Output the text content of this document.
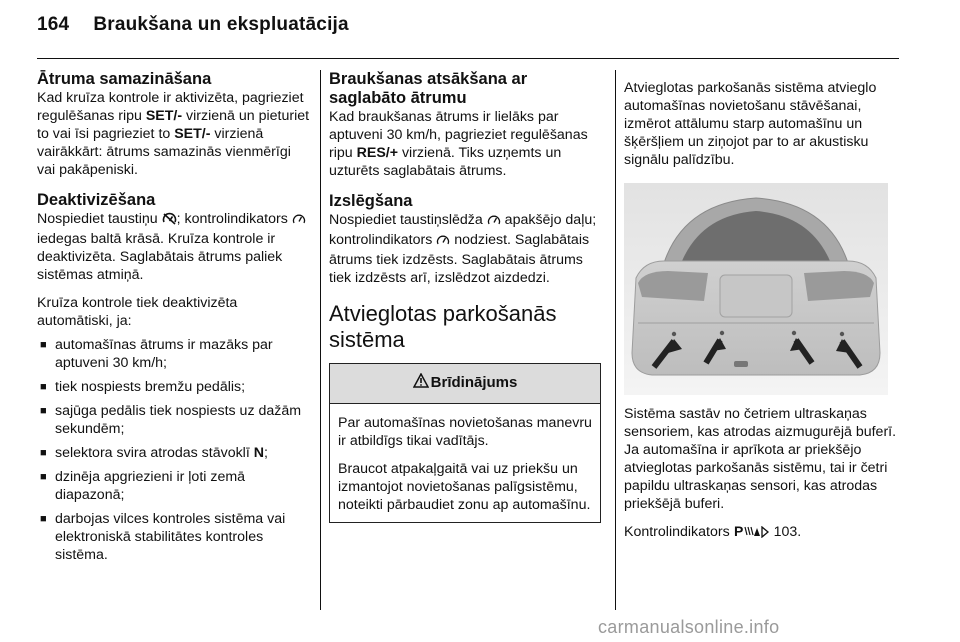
164 Braukšana un ekspluatācija
Ātruma samazināšana

Kad kruīza kontrole ir aktivizēta, pagrieziet regulēšanas ripu SET/- virzienā un pieturiet to vai īsi pagrieziet to SET/- virzienā vairākkārt: ātrums samazinās vienmērīgi vai pakāpeniski.

Deaktivizēšana

Nospiediet taustiņu ; kontrolindikators  iedegas baltā krāsā. Kruīza kontrole ir deaktivizēta. Saglabātais ātrums paliek sistēmas atmiņā.

Kruīza kontrole tiek deaktivizēta automātiski, ja:

■ automašīnas ātrums ir mazāks par aptuveni 30 km/h;
■ tiek nospiests bremžu pedālis;
■ sajūga pedālis tiek nospiests uz dažām sekundēm;
■ selektora svira atrodas stāvoklī N;
■ dzinēja apgriezieni ir ļoti zemā diapazonā;
■ darbojas vilces kontroles sistēma vai elektroniskā stabilitātes kontroles sistēma.
Braukšanas atsākšana ar saglabāto ātrumu

Kad braukšanas ātrums ir lielāks par aptuveni 30 km/h, pagrieziet regulēšanas ripu RES/+ virzienā. Tiks uzņemts un uzturēts saglabātais ātrums.

Izslēgšana

Nospiediet taustiņslēdža  apakšējo daļu; kontrolindikators  nodziest. Saglabātais ātrums tiek izdzēsts. Saglabātais ātrums tiek izdzēsts arī, izslēdzot aizdedzi.

Atvieglotas parkošanās sistēma
Brīdinājums

Par automašīnas novietošanas manevru ir atbildīgs tikai vadītājs.

Braucot atpakaļgaitā vai uz priekšu un izmantojot novietošanas palīgsistēmu, noteikti pārbaudiet zonu ap automašīnu.

Atvieglotas parkošanās sistēma atvieglo automašīnas novietošanu stāvēšanai, izmērot attālumu starp automašīnu un šķēršļiem un ziņojot par to ar akustisku signālu palīdzību.

Sistēma sastāv no četriem ultraskaņas sensoriem, kas atrodas aizmugurējā buferī. Ja automašīna ir aprīkota ar priekšējo atvieglotas parkošanās sistēmu, tai ir četri papildu ultraskaņas sensori, kas atrodas priekšējā buferi.

Kontrolindikators P 103.

carmanualsonline.info
